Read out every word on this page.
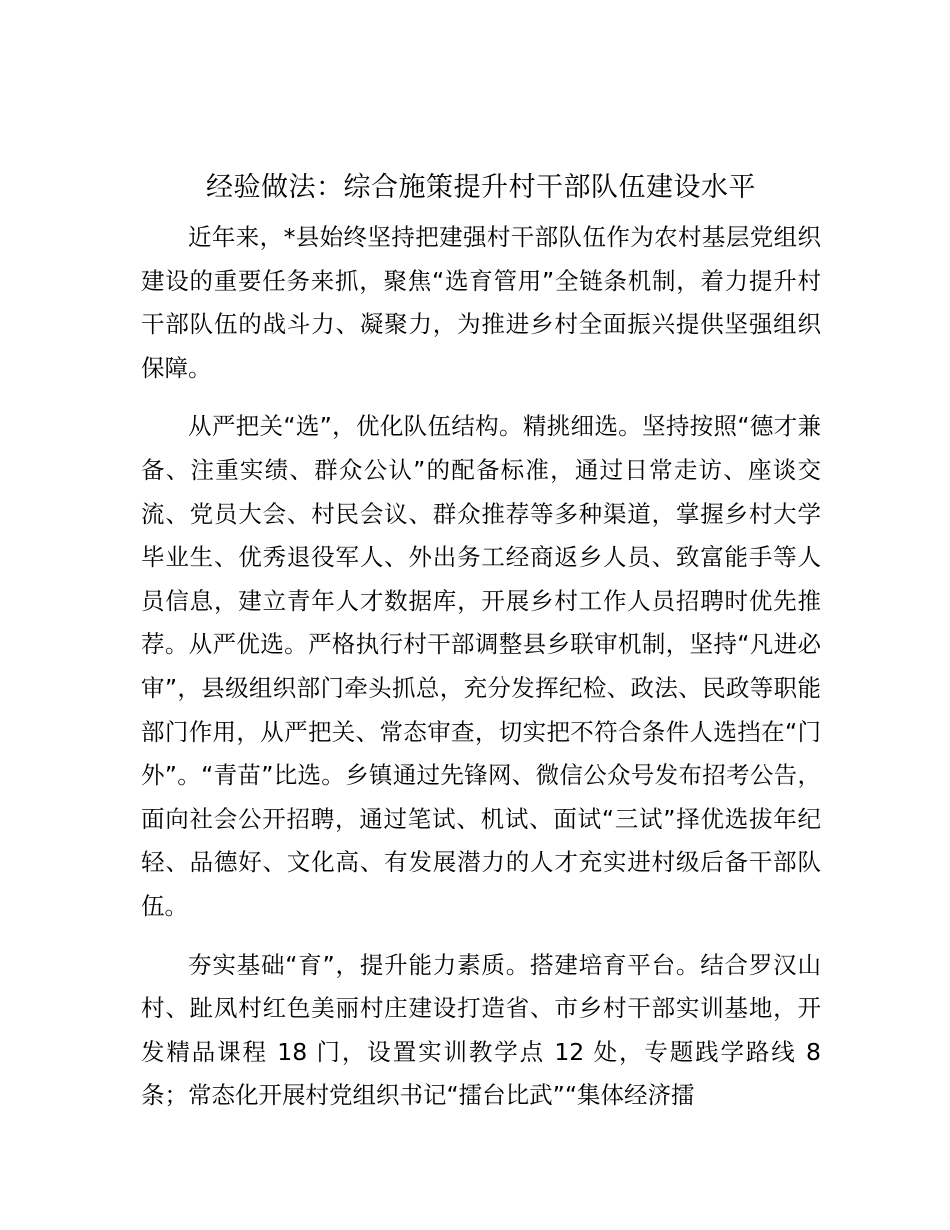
经验做法：综合施策提升村干部队伍建设水平

近年来，*县始终坚持把建强村干部队伍作为农村基层党组织建设的重要任务来抓，聚焦“选育管用”全链条机制，着力提升村干部队伍的战斗力、凝聚力，为推进乡村全面振兴提供坚强组织保障。

从严把关“选”，优化队伍结构。精挑细选。坚持按照“德才兼备、注重实绩、群众公认”的配备标准，通过日常走访、座谈交流、党员大会、村民会议、群众推荐等多种渠道，掌握乡村大学毕业生、优秀退役军人、外出务工经商返乡人员、致富能手等人员信息，建立青年人才数据库，开展乡村工作人员招聘时优先推荐。从严优选。严格执行村干部调整县乡联审机制，坚持“凡进必审”，县级组织部门牵头抓总，充分发挥纪检、政法、民政等职能部门作用，从严把关、常态审查，切实把不符合条件人选挡在“门外”。“青苗”比选。乡镇通过先锋网、微信公众号发布招考公告，面向社会公开招聘，通过笔试、机试、面试“三试”择优选拔年纪轻、品德好、文化高、有发展潜力的人才充实进村级后备干部队伍。

夯实基础“育”，提升能力素质。搭建培育平台。结合罗汉山村、趾凤村红色美丽村庄建设打造省、市乡村干部实训基地，开发精品课程 18 门，设置实训教学点 12 处，专题践学路线 8 条；常态化开展村党组织书记“擂台比武”“集体经济擂
